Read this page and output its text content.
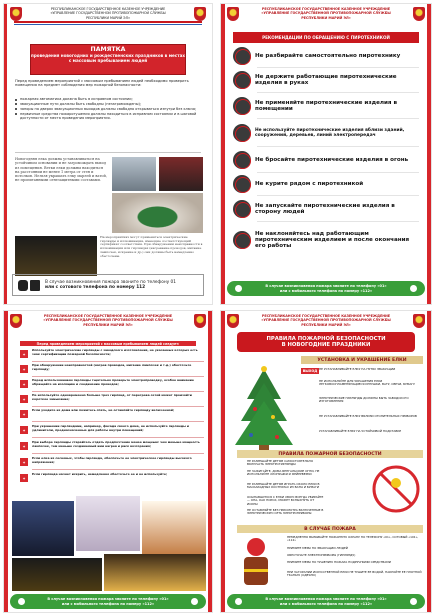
РЕСПУБЛИКАНСКОЕ ГОСУДАРСТВЕННОЕ КАЗЕННОЕ УЧРЕЖДЕНИЕ
«УПРАВЛЕНИЕ ГОСУДАРСТВЕННОЙ ПРОТИВОПОЖАРНОЙ СЛУЖБЫ
РЕСПУБЛИКИ МАРИЙ ЭЛ»
ПАМЯТКА
проведения новогодних и рождественских праздников в местах с массовым пребыванием людей
Перед проведением мероприятий с массовым пребыванием людей необходимо проверить помещения на предмет соблюдения мер пожарной безопасности:
пожарная автоматика должна быть в исправном состоянии;
эвакуационные пути должны быть свободны (незагромождены);
запоры на дверях эвакуационных выходов должны свободно открываться изнутри без ключа;
первичные средства пожаротушения должны находиться в исправном состоянии и в шаговой доступности от места проведения мероприятия.
Новогодняя елка должна устанавливаться на устойчивом основании и не загромождать выход из помещения. Ветки елки должны находиться на расстоянии не менее 1 метра от стен и потолков. Нельзя украшать елку марлей и ватой, не пропитанными огнезащитными составами.
На мероприятиях могут применяться электрические гирлянды и иллюминация, имеющие соответствующий сертификат соответствия. При обнаружении неисправности в иллюминации или гирляндах (нагревание проводов, мигание лампочек, искрение и др.) они должны быть немедленно обесточены.
В случае возникновения пожара звоните по телефону 01
или с сотового телефона по номеру 112
РЕСПУБЛИКАНСКОЕ ГОСУДАРСТВЕННОЕ КАЗЕННОЕ УЧРЕЖДЕНИЕ
«УПРАВЛЕНИЕ ГОСУДАРСТВЕННОЙ ПРОТИВОПОЖАРНОЙ СЛУЖБЫ
РЕСПУБЛИКИ МАРИЙ ЭЛ»
РЕКОМЕНДАЦИИ ПО ОБРАЩЕНИЮ С ПИРОТЕХНИКОЙ
Не разбирайте самостоятельно пиротехнику
Не держите работающие пиротехнические изделия в руках
Не применяйте пиротехнические изделия в помещении
Не используйте пиротехнические изделия вблизи зданий, сооружений, деревьев, линий электропередач
Не бросайте пиротехнические изделия в огонь
Не курите рядом с пиротехникой
Не запускайте пиротехнические изделия в сторону людей
Не наклоняйтесь над работающим пиротехническим изделием и после окончания его работы
В случае возникновения пожара звоните по телефону «01»
или с мобильного телефона по номеру «112»
РЕСПУБЛИКАНСКОЕ ГОСУДАРСТВЕННОЕ КАЗЕННОЕ УЧРЕЖДЕНИЕ
«УПРАВЛЕНИЕ ГОСУДАРСТВЕННОЙ ПРОТИВОПОЖАРНОЙ СЛУЖБЫ
РЕСПУБЛИКИ МАРИЙ ЭЛ»
Перед проведением мероприятий с массовым пребыванием людей следует:
✦
Используйте электрические гирлянды с заводского изготовления, не указанных которых есть знак сертификации пожарной безопасности;
✦
При обнаружении неисправностей (нагрев проводов, мигание лампочек и т.д.) обесточьте гирлянду;
✦
Перед использованием гирлянды тщательно проверьте электропроводку, особое внимание обращайте на изоляцию и соединение проводов;
✦
Не используйте одновременно больше трех гирлянд, от перегрева сетей может произойти короткое замыкание;
✦
Если уходите из дома или ложитесь спать, не оставляйте гирлянду включенной;
✦
При украшении гирляндами, например, фасада своего дома, не используйте гирлянды и удлинители, предназначенные для работы внутри помещений;
✦
При выборе гирлянды старайтесь отдать предпочтение менее мощным: чем меньше мощность лампочек, тем меньше создаваемый ими нагрев и риск возгорания;
✦
Если елка из сосновых, чтобы гирлянда, обеспечьте ее электрическое гирлянды высокого напряжения;
✦
Если гирлянда начнет искрить, немедленно обесточьте ее и не используйте;
В случае возникновения пожара звоните по телефону «01»
или с мобильного телефона по номеру «112»
РЕСПУБЛИКАНСКОЕ ГОСУДАРСТВЕННОЕ КАЗЕННОЕ УЧРЕЖДЕНИЕ
«УПРАВЛЕНИЕ ГОСУДАРСТВЕННОЙ ПРОТИВОПОЖАРНОЙ СЛУЖБЫ
РЕСПУБЛИКИ МАРИЙ ЭЛ»
ПРАВИЛА ПОЖАРНОЙ БЕЗОПАСНОСТИ
В НОВОГОДНИЕ ПРАЗДНИКИ
УСТАНОВКА И УКРАШЕНИЕ ЕЛКИ
ВЫХОД НЕ УСТАНАВЛИВАЙТЕ ЕЛКУ НА ПУТЯХ ЭВАКУАЦИИ
НЕ ИСПОЛЬЗУЙТЕ ДЛЯ УКРАШЕНИЯ ЕЛКИ ЛЕГКОВОСПЛАМЕНЯЮЩИЕСЯ ИГРУШКИ, ВАТУ, СВЕЧИ, БУМАГУ
ЭЛЕКТРИЧЕСКИЕ ГИРЛЯНДЫ ДОЛЖНЫ БЫТЬ ЗАВОДСКОГО ИЗГОТОВЛЕНИЯ
НЕ УСТАНАВЛИВАЙТЕ ЕЛКУ ВБЛИЗИ ОТОПИТЕЛЬНЫХ ПРИБОРОВ
УСТАНАВЛИВАЙТЕ ЕЛКУ НА УСТОЙЧИВОЙ ПОДСТАВКЕ
ПРАВИЛА ПОЖАРНОЙ БЕЗОПАСНОСТИ
НЕ РАЗРЕШАЙТЕ ДЕТЯМ САМОСТОЯТЕЛЬНО ВКЛЮЧАТЬ ЭЛЕКТРОГИРЛЯНДЫ
НЕ ЗАЖИГАЙТЕ, ДОМА БЕНГАЛЬСКИЕ ОГНИ, НЕ ИСПОЛЬЗУЙТЕ ХЛОПУШКИ И ФЕЙЕРВЕРКИ
НЕ РАЗРЕШАЙТЕ ДЕТЯМ ИГРАТЬ ОКОЛО ЕЛКИ В МАСКАРАДНЫХ КОСТЮМАХ ИЗ ВАТЫ И БУМАГИ
ОСЫПАВШУЮСЯ С ЕЛКИ ХВОЮ ВСЕГДА УБИРАЙТЕ — ОНА, КАК ПОРОХ, МОЖЕТ ВСПЫХНУТЬ ОТ ИСКРЫ
НЕ ОСТАВЛЯЙТЕ БЕЗ ПРИСМОТРА ВКЛЮЧЕННЫЕ В ЭЛЕКТРИЧЕСКУЮ СЕТЬ ЭЛЕКТРОПРИБОРЫ
В СЛУЧАЕ ПОЖАРА
НЕМЕДЛЕННО ВЫЗЫВАЙТЕ ПОЖАРНУЮ ОХРАНУ ПО ТЕЛЕФОНУ «01», СОТОВЫЙ «101», «112»
ПРИМИТЕ МЕРЫ ПО ЭВАКУАЦИИ ЛЮДЕЙ
ОБЕСТОЧЬТЕ ЭЛЕКТРОПРИБОРЫ (ГИРЛЯНДУ)
ПРИМИТЕ МЕРЫ ПО ТУШЕНИЮ ПОЖАРА ПОДРУЧНЫМИ СРЕДСТВАМИ
ПРИ ЗАГОРАНИИ ИСКУССТВЕННОЙ ЕЛКИ НЕ ТУШИТЕ ЕЕ ВОДОЙ, НАКРОЙТЕ ЕЕ ПЛОТНОЙ ТКАНЬЮ (ОДЕЯЛО)
В случае возникновения пожара звоните по телефону «01»
или с мобильного телефона по номеру «112»
